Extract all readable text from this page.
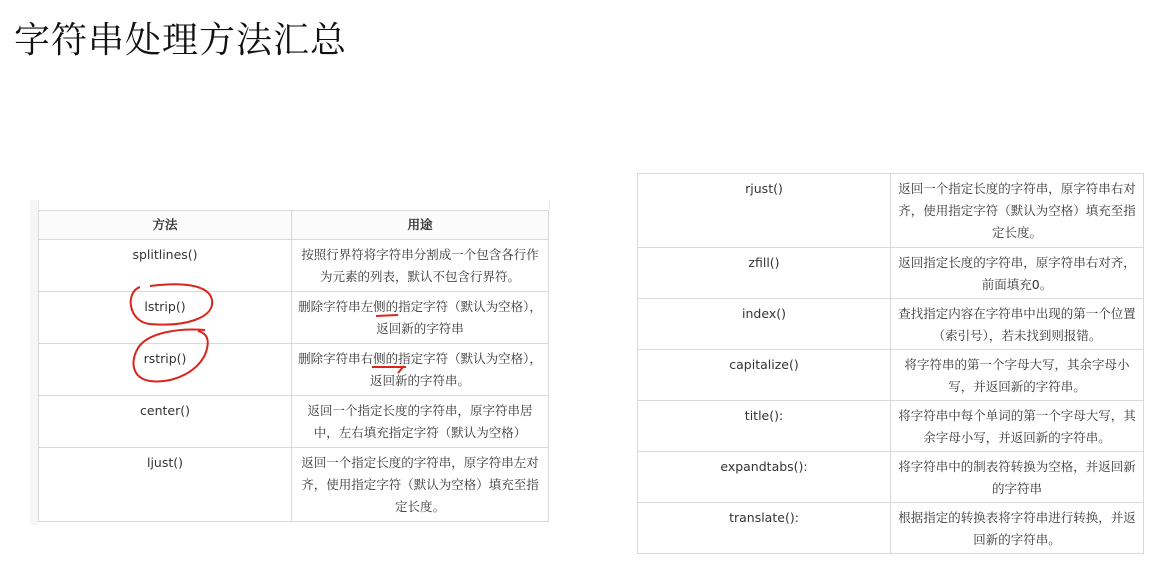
字符串处理方法汇总
方法	用途
splitlines()	按照行界符将字符串分割成一个包含各行作为元素的列表，默认不包含行界符。
lstrip()	删除字符串左侧的指定字符（默认为空格），返回新的字符串
rstrip()	删除字符串右侧的指定字符（默认为空格），返回新的字符串。
center()	返回一个指定长度的字符串，原字符串居中，左右填充指定字符（默认为空格）
ljust()	返回一个指定长度的字符串，原字符串左对齐，使用指定字符（默认为空格）填充至指定长度。
rjust()	返回一个指定长度的字符串，原字符串右对齐，使用指定字符（默认为空格）填充至指定长度。
zfill()	返回指定长度的字符串，原字符串右对齐，前面填充0。
index()	查找指定内容在字符串中出现的第一个位置（索引号），若未找到则报错。
capitalize()	将字符串的第一个字母大写，其余字母小写，并返回新的字符串。
title():	将字符串中每个单词的第一个字母大写，其余字母小写，并返回新的字符串。
expandtabs():	将字符串中的制表符转换为空格，并返回新的字符串
translate():	根据指定的转换表将字符串进行转换，并返回新的字符串。
